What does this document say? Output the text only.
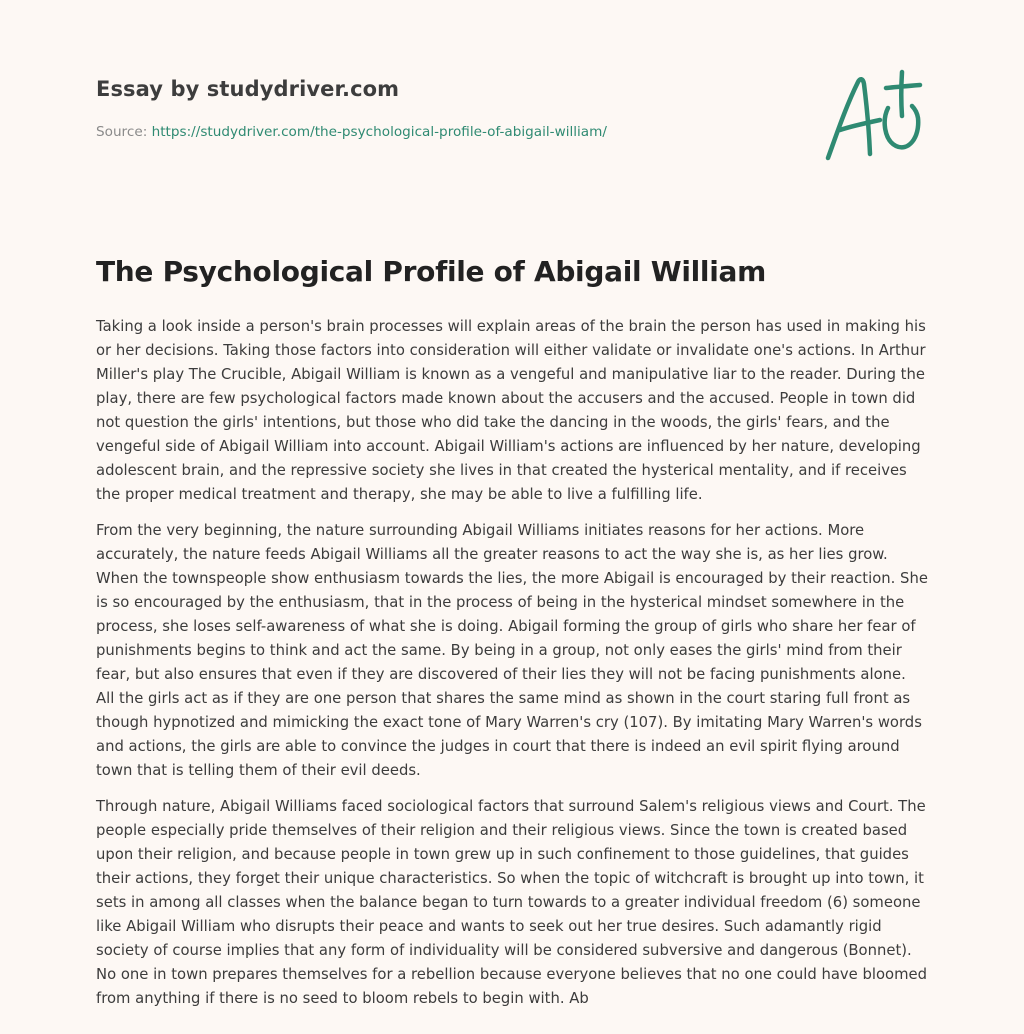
Essay by studydriver.com
Source: https://studydriver.com/the-psychological-profile-of-abigail-william/
The Psychological Profile of Abigail William

Taking a look inside a person's brain processes will explain areas of the brain the person has used in making his or her decisions. Taking those factors into consideration will either validate or invalidate one's actions. In Arthur Miller's play The Crucible, Abigail William is known as a vengeful and manipulative liar to the reader. During the play, there are few psychological factors made known about the accusers and the accused. People in town did not question the girls' intentions, but those who did take the dancing in the woods, the girls' fears, and the vengeful side of Abigail William into account. Abigail William's actions are influenced by her nature, developing adolescent brain, and the repressive society she lives in that created the hysterical mentality, and if receives the proper medical treatment and therapy, she may be able to live a fulfilling life.

From the very beginning, the nature surrounding Abigail Williams initiates reasons for her actions. More accurately, the nature feeds Abigail Williams all the greater reasons to act the way she is, as her lies grow. When the townspeople show enthusiasm towards the lies, the more Abigail is encouraged by their reaction. She is so encouraged by the enthusiasm, that in the process of being in the hysterical mindset somewhere in the process, she loses self-awareness of what she is doing. Abigail forming the group of girls who share her fear of punishments begins to think and act the same. By being in a group, not only eases the girls' mind from their fear, but also ensures that even if they are discovered of their lies they will not be facing punishments alone. All the girls act as if they are one person that shares the same mind as shown in the court staring full front as though hypnotized and mimicking the exact tone of Mary Warren's cry (107). By imitating Mary Warren's words and actions, the girls are able to convince the judges in court that there is indeed an evil spirit flying around town that is telling them of their evil deeds.

Through nature, Abigail Williams faced sociological factors that surround Salem's religious views and Court. The people especially pride themselves of their religion and their religious views. Since the town is created based upon their religion, and because people in town grew up in such confinement to those guidelines, that guides their actions, they forget their unique characteristics. So when the topic of witchcraft is brought up into town, it sets in among all classes when the balance began to turn towards to a greater individual freedom (6) someone like Abigail William who disrupts their peace and wants to seek out her true desires. Such adamantly rigid society of course implies that any form of individuality will be considered subversive and dangerous (Bonnet). No one in town prepares themselves for a rebellion because everyone believes that no one could have bloomed from anything if there is no seed to bloom rebels to begin with. Ab
